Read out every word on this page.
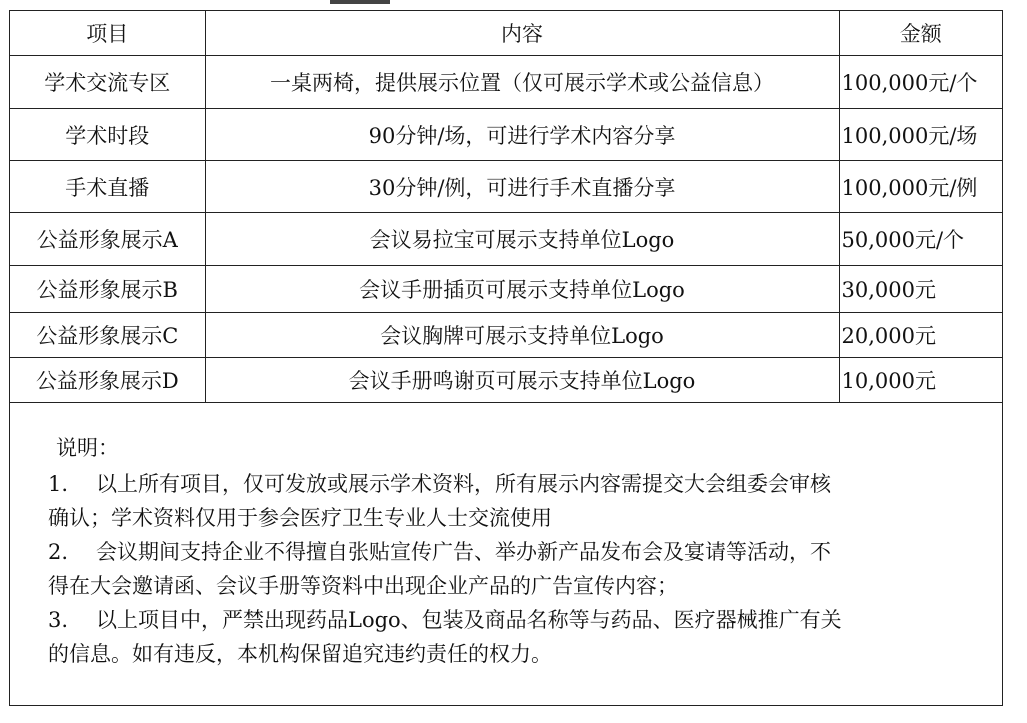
项目	内容	金额
学术交流专区	一桌两椅，提供展示位置（仅可展示学术或公益信息）	100,000元/个
学术时段	90分钟/场，可进行学术内容分享	100,000元/场
手术直播	30分钟/例，可进行手术直播分享	100,000元/例
公益形象展示A	会议易拉宝可展示支持单位Logo	50,000元/个
公益形象展示B	会议手册插页可展示支持单位Logo	30,000元
公益形象展示C	会议胸牌可展示支持单位Logo	20,000元
公益形象展示D	会议手册鸣谢页可展示支持单位Logo	10,000元
说明：
1. 以上所有项目，仅可发放或展示学术资料，所有展示内容需提交大会组委会审核
确认；学术资料仅用于参会医疗卫生专业人士交流使用
2. 会议期间支持企业不得擅自张贴宣传广告、举办新产品发布会及宴请等活动，不
得在大会邀请函、会议手册等资料中出现企业产品的广告宣传内容；
3. 以上项目中，严禁出现药品Logo、包装及商品名称等与药品、医疗器械推广有关
的信息。如有违反，本机构保留追究违约责任的权力。
